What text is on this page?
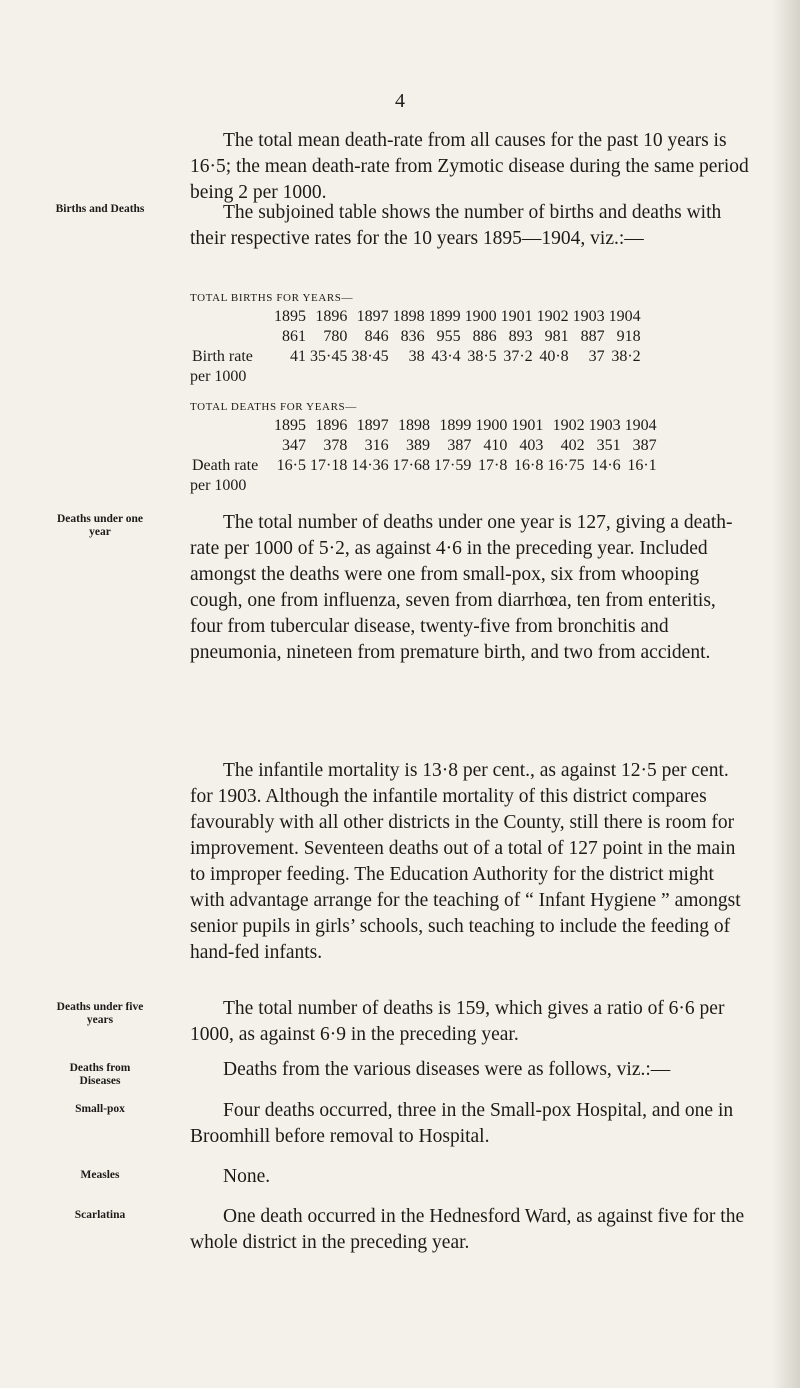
4

The total mean death-rate from all causes for the past 10 years is 16·5; the mean death-rate from Zymotic disease during the same period being 2 per 1000.

Births and Deaths	The subjoined table shows the number of births and deaths with their respective rates for the 10 years 1895—1904, viz.:—

TOTAL BIRTHS FOR YEARS—
	1895	1896	1897	1898	1899	1900	1901	1902	1903	1904
	861	780	846	836	955	886	893	981	887	918
Birth rate	41	35·45	38·45	38	43·4	38·5	37·2	40·8	37	38·2
per 1000
TOTAL DEATHS FOR YEARS—
	1895	1896	1897	1898	1899	1900	1901	1902	1903	1904
	347	378	316	389	387	410	403	402	351	387
Death rate	16·5	17·18	14·36	17·68	17·59	17·8	16·8	16·75	14·6	16·1
per 1000
Deaths under one year	The total number of deaths under one year is 127, giving a death-rate per 1000 of 5·2, as against 4·6 in the preceding year. Included amongst the deaths were one from small-pox, six from whooping cough, one from influenza, seven from diarrhœa, ten from enteritis, four from tubercular disease, twenty-five from bronchitis and pneumonia, nineteen from premature birth, and two from accident.

The infantile mortality is 13·8 per cent., as against 12·5 per cent. for 1903. Although the infantile mortality of this district compares favourably with all other districts in the County, still there is room for improvement. Seventeen deaths out of a total of 127 point in the main to improper feeding. The Education Authority for the district might with advantage arrange for the teaching of “ Infant Hygiene ” amongst senior pupils in girls’ schools, such teaching to include the feeding of hand-fed infants.

Deaths under five years

The total number of deaths is 159, which gives a ratio of 6·6 per 1000, as against 6·9 in the preceding year.

Deaths from Diseases

Deaths from the various diseases were as follows, viz.:—

Small-pox	Four deaths occurred, three in the Small-pox Hospital, and one in Broomhill before removal to Hospital.

Measles	None.

Scarlatina	One death occurred in the Hednesford Ward, as against five for the whole district in the preceding year.
